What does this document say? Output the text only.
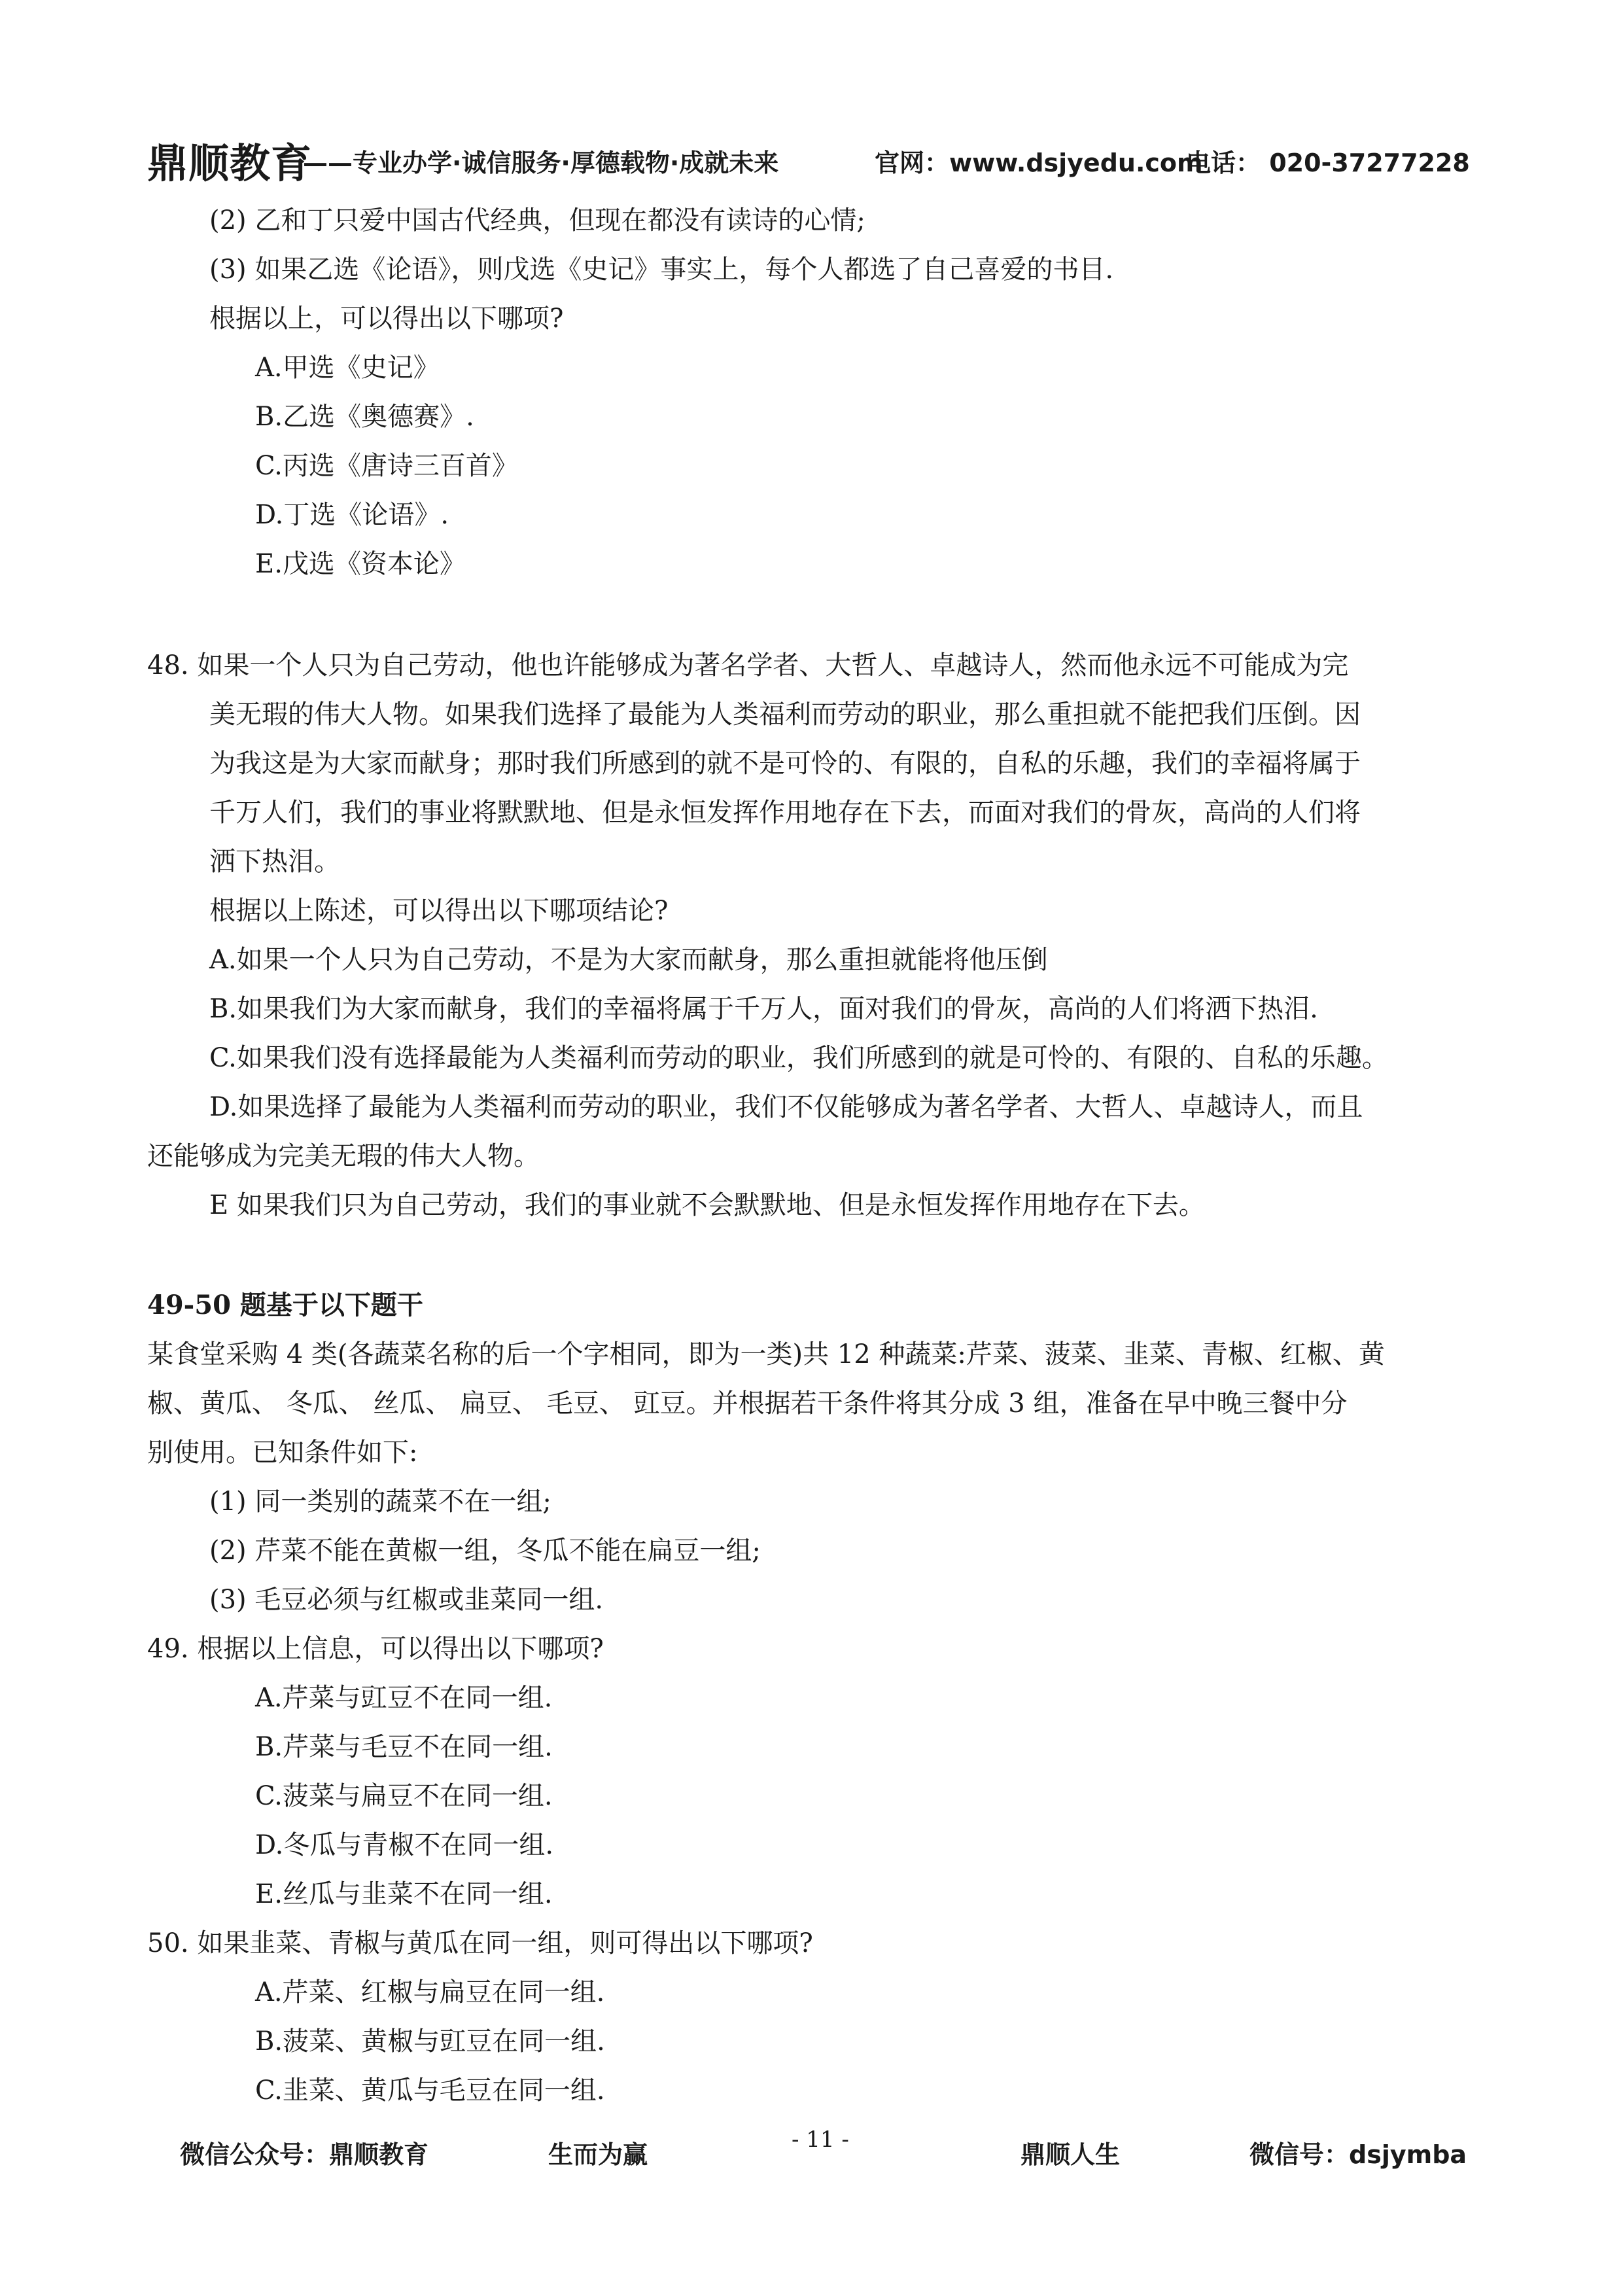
鼎顺教育
——专业办学·诚信服务·厚德载物·成就未来	官网：www.dsjyedu.com
电话： 020-37277228
(2) 乙和丁只爱中国古代经典，但现在都没有读诗的心情;
(3) 如果乙选《论语》，则戊选《史记》事实上，每个人都选了自己喜爱的书目.
根据以上，可以得出以下哪项?
A.甲选《史记》
B.乙选《奥德赛》.
C.丙选《唐诗三百首》
D.丁选《论语》.
E.戊选《资本论》
48. 如果一个人只为自己劳动，他也许能够成为著名学者、大哲人、卓越诗人，然而他永远不可能成为完
美无瑕的伟大人物。如果我们选择了最能为人类福利而劳动的职业，那么重担就不能把我们压倒。因
为我这是为大家而献身；那时我们所感到的就不是可怜的、有限的，自私的乐趣，我们的幸福将属于
千万人们，我们的事业将默默地、但是永恒发挥作用地存在下去，而面对我们的骨灰，高尚的人们将
洒下热泪。
根据以上陈述，可以得出以下哪项结论?
A.如果一个人只为自己劳动，不是为大家而献身，那么重担就能将他压倒
B.如果我们为大家而献身，我们的幸福将属于千万人，面对我们的骨灰，高尚的人们将洒下热泪.
C.如果我们没有选择最能为人类福利而劳动的职业，我们所感到的就是可怜的、有限的、自私的乐趣。
D.如果选择了最能为人类福利而劳动的职业，我们不仅能够成为著名学者、大哲人、卓越诗人，而且
还能够成为完美无瑕的伟大人物。
E 如果我们只为自己劳动，我们的事业就不会默默地、但是永恒发挥作用地存在下去。
49-50 题基于以下题干
某食堂采购 4 类(各蔬菜名称的后一个字相同，即为一类)共 12 种蔬菜:芹菜、菠菜、韭菜、青椒、红椒、黄
椒、黄瓜、 冬瓜、 丝瓜、 扁豆、 毛豆、 豇豆。并根据若干条件将其分成 3 组，准备在早中晚三餐中分
别使用。已知条件如下:
(1) 同一类别的蔬菜不在一组;
(2) 芹菜不能在黄椒一组，冬瓜不能在扁豆一组;
(3) 毛豆必须与红椒或韭菜同一组.
49. 根据以上信息，可以得出以下哪项?
A.芹菜与豇豆不在同一组.
B.芹菜与毛豆不在同一组.
C.菠菜与扁豆不在同一组.
D.冬瓜与青椒不在同一组.
E.丝瓜与韭菜不在同一组.
50. 如果韭菜、青椒与黄瓜在同一组，则可得出以下哪项?
A.芹菜、红椒与扁豆在同一组.
B.菠菜、黄椒与豇豆在同一组.
C.韭菜、黄瓜与毛豆在同一组.
微信公众号：鼎顺教育	生而为赢
- 11 -
鼎顺人生	微信号：dsjymba
